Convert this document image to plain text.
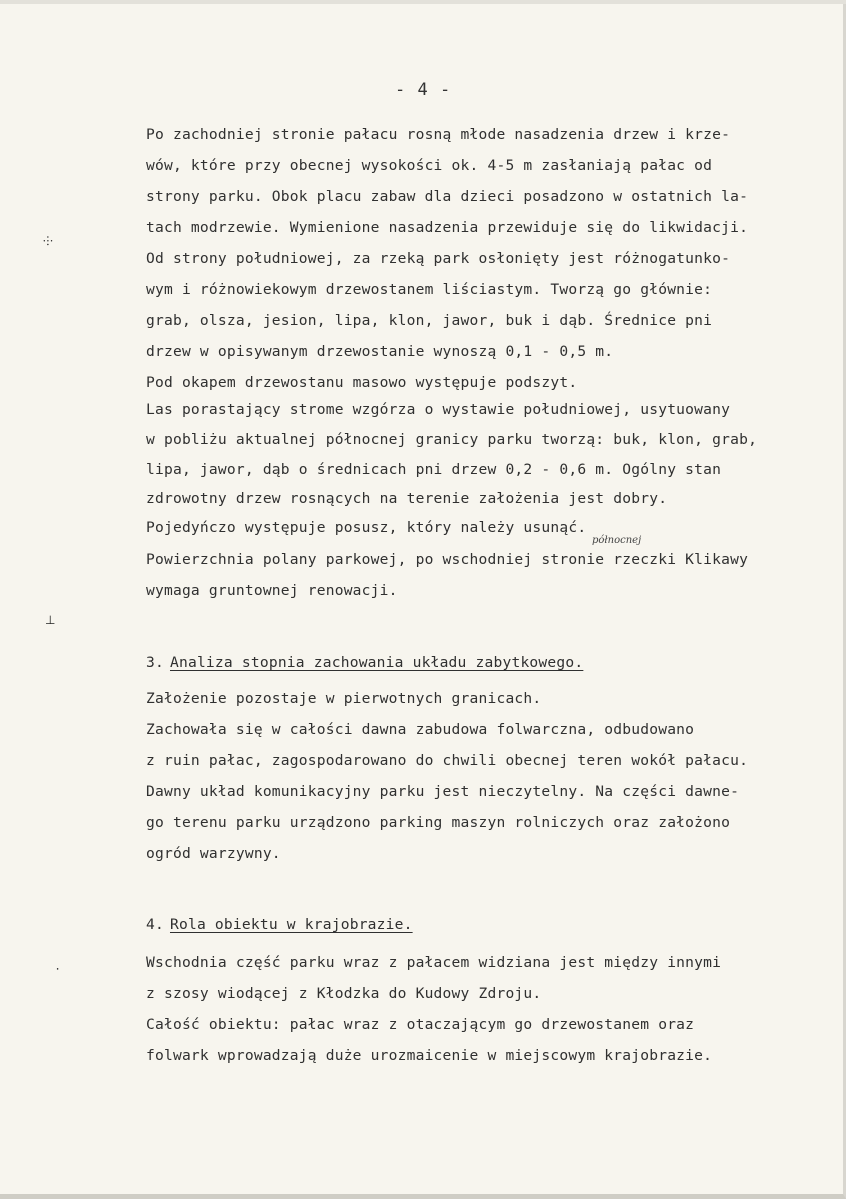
- 4 -
Po zachodniej stronie pałacu rosną młode nasadzenia drzew i krze-
wów, które przy obecnej wysokości ok. 4-5 m zasłaniają pałac od
strony parku. Obok placu zabaw dla dzieci posadzono w ostatnich la-
tach modrzewie. Wymienione nasadzenia przewiduje się do likwidacji.
Od strony południowej, za rzeką park osłonięty jest różnogatunko-
wym i różnowiekowym drzewostanem liściastym. Tworzą go głównie:
grab, olsza, jesion, lipa, klon, jawor, buk i dąb. Średnice pni
drzew w opisywanym drzewostanie wynoszą 0,1 - 0,5 m.
Pod okapem drzewostanu masowo występuje podszyt.
Las porastający strome wzgórza o wystawie południowej, usytuowany
w pobliżu aktualnej północnej granicy parku tworzą: buk, klon, grab,
lipa, jawor, dąb o średnicach pni drzew 0,2 - 0,6 m. Ogólny stan
zdrowotny drzew rosnących na terenie założenia jest dobry.
Pojedyńczo występuje posusz, który należy usunąć.
północnej
Powierzchnia polany parkowej, po wschodniej stronie rzeczki Klikawy
wymaga gruntownej renowacji.
3. Analiza stopnia zachowania układu zabytkowego.
Założenie pozostaje w pierwotnych granicach.
Zachowała się w całości dawna zabudowa folwarczna, odbudowano
z ruin pałac, zagospodarowano do chwili obecnej teren wokół pałacu.
Dawny układ komunikacyjny parku jest nieczytelny. Na części dawne-
go terenu parku urządzono parking maszyn rolniczych oraz założono
ogród warzywny.
4. Rola obiektu w krajobrazie.
Wschodnia część parku wraz z pałacem widziana jest między innymi
z szosy wiodącej z Kłodzka do Kudowy Zdroju.
Całość obiektu: pałac wraz z otaczającym go drzewostanem oraz
folwark wprowadzają duże urozmaicenie w miejscowym krajobrazie.
⸭
⊥
⸱
